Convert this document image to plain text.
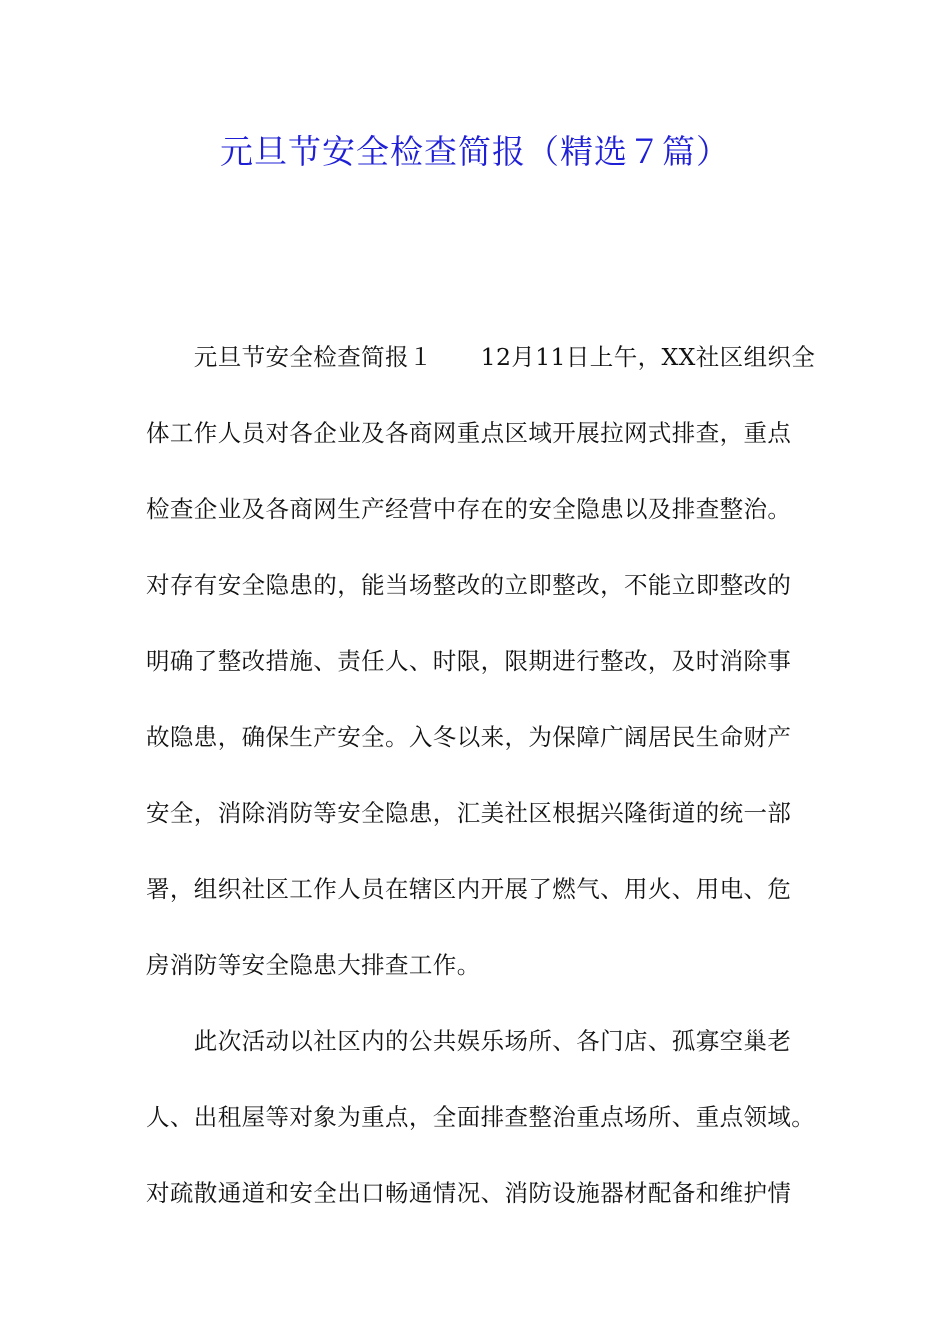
元旦节安全检查简报（精选７篇）

　　元旦节安全检查简报１　　12月11日上午，XX社区组织全

体工作人员对各企业及各商网重点区域开展拉网式排查，重点

检查企业及各商网生产经营中存在的安全隐患以及排查整治。

对存有安全隐患的，能当场整改的立即整改，不能立即整改的

明确了整改措施、责任人、时限，限期进行整改，及时消除事

故隐患，确保生产安全。入冬以来，为保障广阔居民生命财产

安全，消除消防等安全隐患，汇美社区根据兴隆街道的统一部

署，组织社区工作人员在辖区内开展了燃气、用火、用电、危

房消防等安全隐患大排查工作。

　　此次活动以社区内的公共娱乐场所、各门店、孤寡空巢老

人、出租屋等对象为重点，全面排查整治重点场所、重点领域。

对疏散通道和安全出口畅通情况、消防设施器材配备和维护情
